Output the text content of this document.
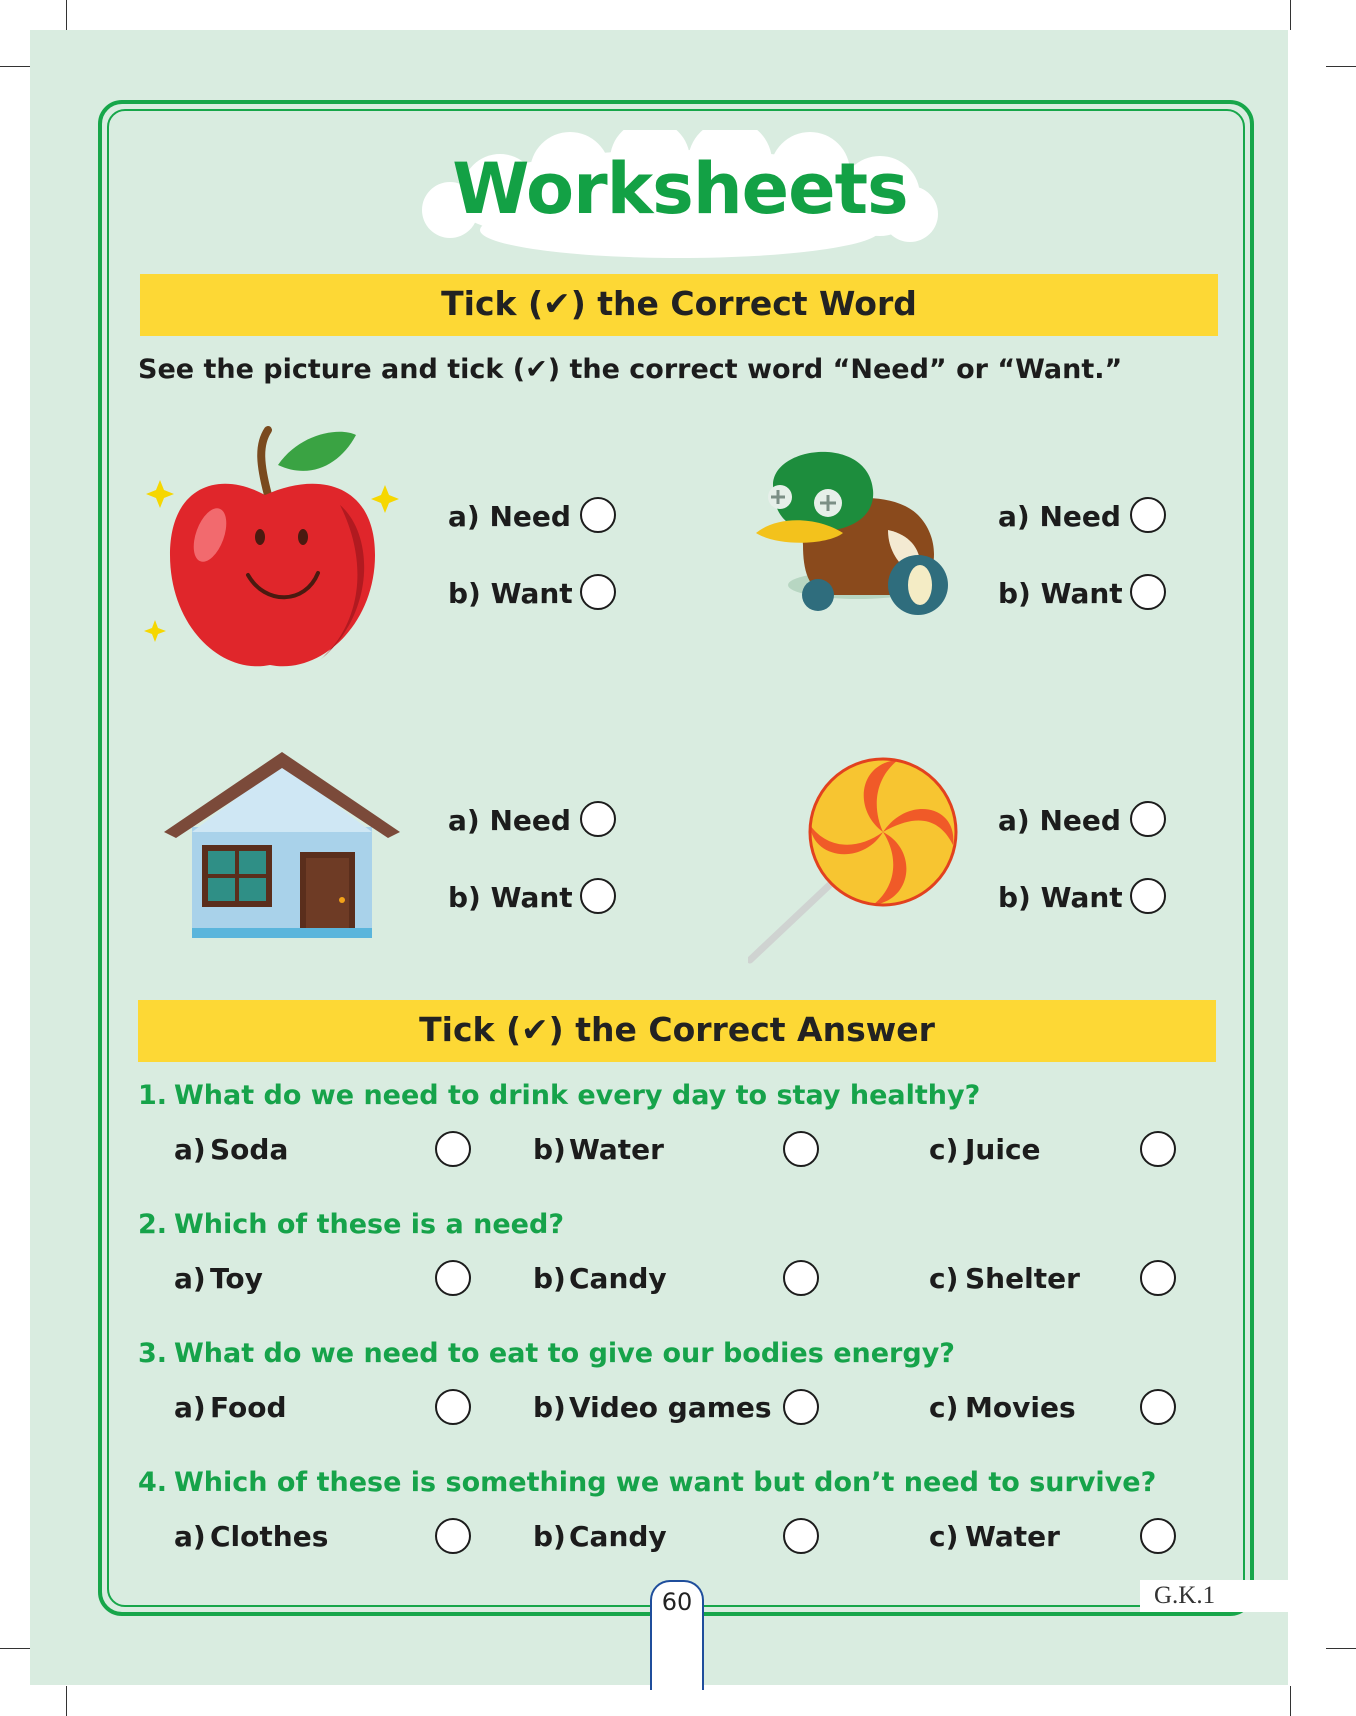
Worksheets
Tick (✔) the Correct Word
See the picture and tick (✔) the correct word “Need” or “Want.”
a) Need
b) Want
a) Need
b) Want
a) Need
b) Want
a) Need
b) Want
Tick (✔) the Correct Answer
1. What do we need to drink every day to stay healthy?
a) Soda	b) Water	c) Juice
2. Which of these is a need?
a) Toy	b) Candy	c) Shelter
3. What do we need to eat to give our bodies energy?
a) Food	b) Video games	c) Movies
4. Which of these is something we want but don’t need to survive?
a) Clothes	b) Candy	c) Water
60	G.K.1
